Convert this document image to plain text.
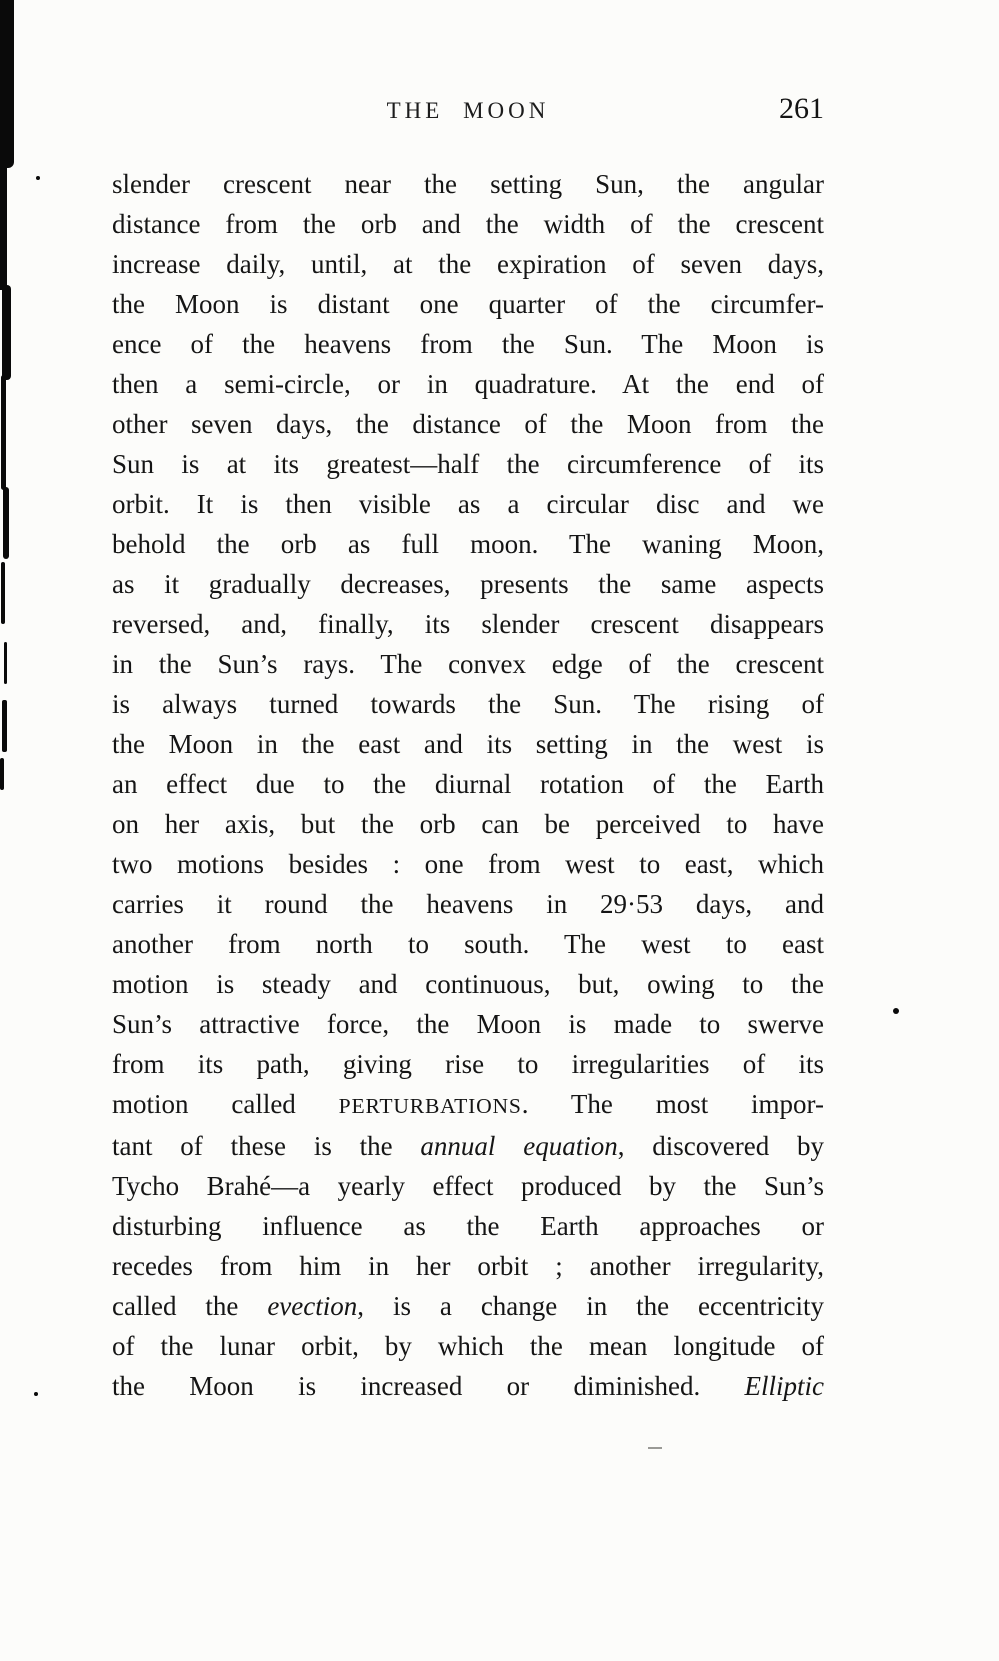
THE MOON	261
slender crescent near the setting Sun, the angular
distance from the orb and the width of the crescent
increase daily, until, at the expiration of seven days,
the Moon is distant one quarter of the circumfer-
ence of the heavens from the Sun. The Moon is
then a semi-circle, or in quadrature. At the end of
other seven days, the distance of the Moon from the
Sun is at its greatest—half the circumference of its
orbit. It is then visible as a circular disc and we
behold the orb as full moon. The waning Moon,
as it gradually decreases, presents the same aspects
reversed, and, finally, its slender crescent disappears
in the Sun’s rays. The convex edge of the crescent
is always turned towards the Sun. The rising of
the Moon in the east and its setting in the west is
an effect due to the diurnal rotation of the Earth
on her axis, but the orb can be perceived to have
two motions besides : one from west to east, which
carries it round the heavens in 29·53 days, and
another from north to south. The west to east
motion is steady and continuous, but, owing to the
Sun’s attractive force, the Moon is made to swerve
from its path, giving rise to irregularities of its
motion called PERTURBATIONS. The most impor-
tant of these is the annual equation, discovered by
Tycho Brahé—a yearly effect produced by the Sun’s
disturbing influence as the Earth approaches or
recedes from him in her orbit ; another irregularity,
called the evection, is a change in the eccentricity
of the lunar orbit, by which the mean longitude of
the Moon is increased or diminished. Elliptic
